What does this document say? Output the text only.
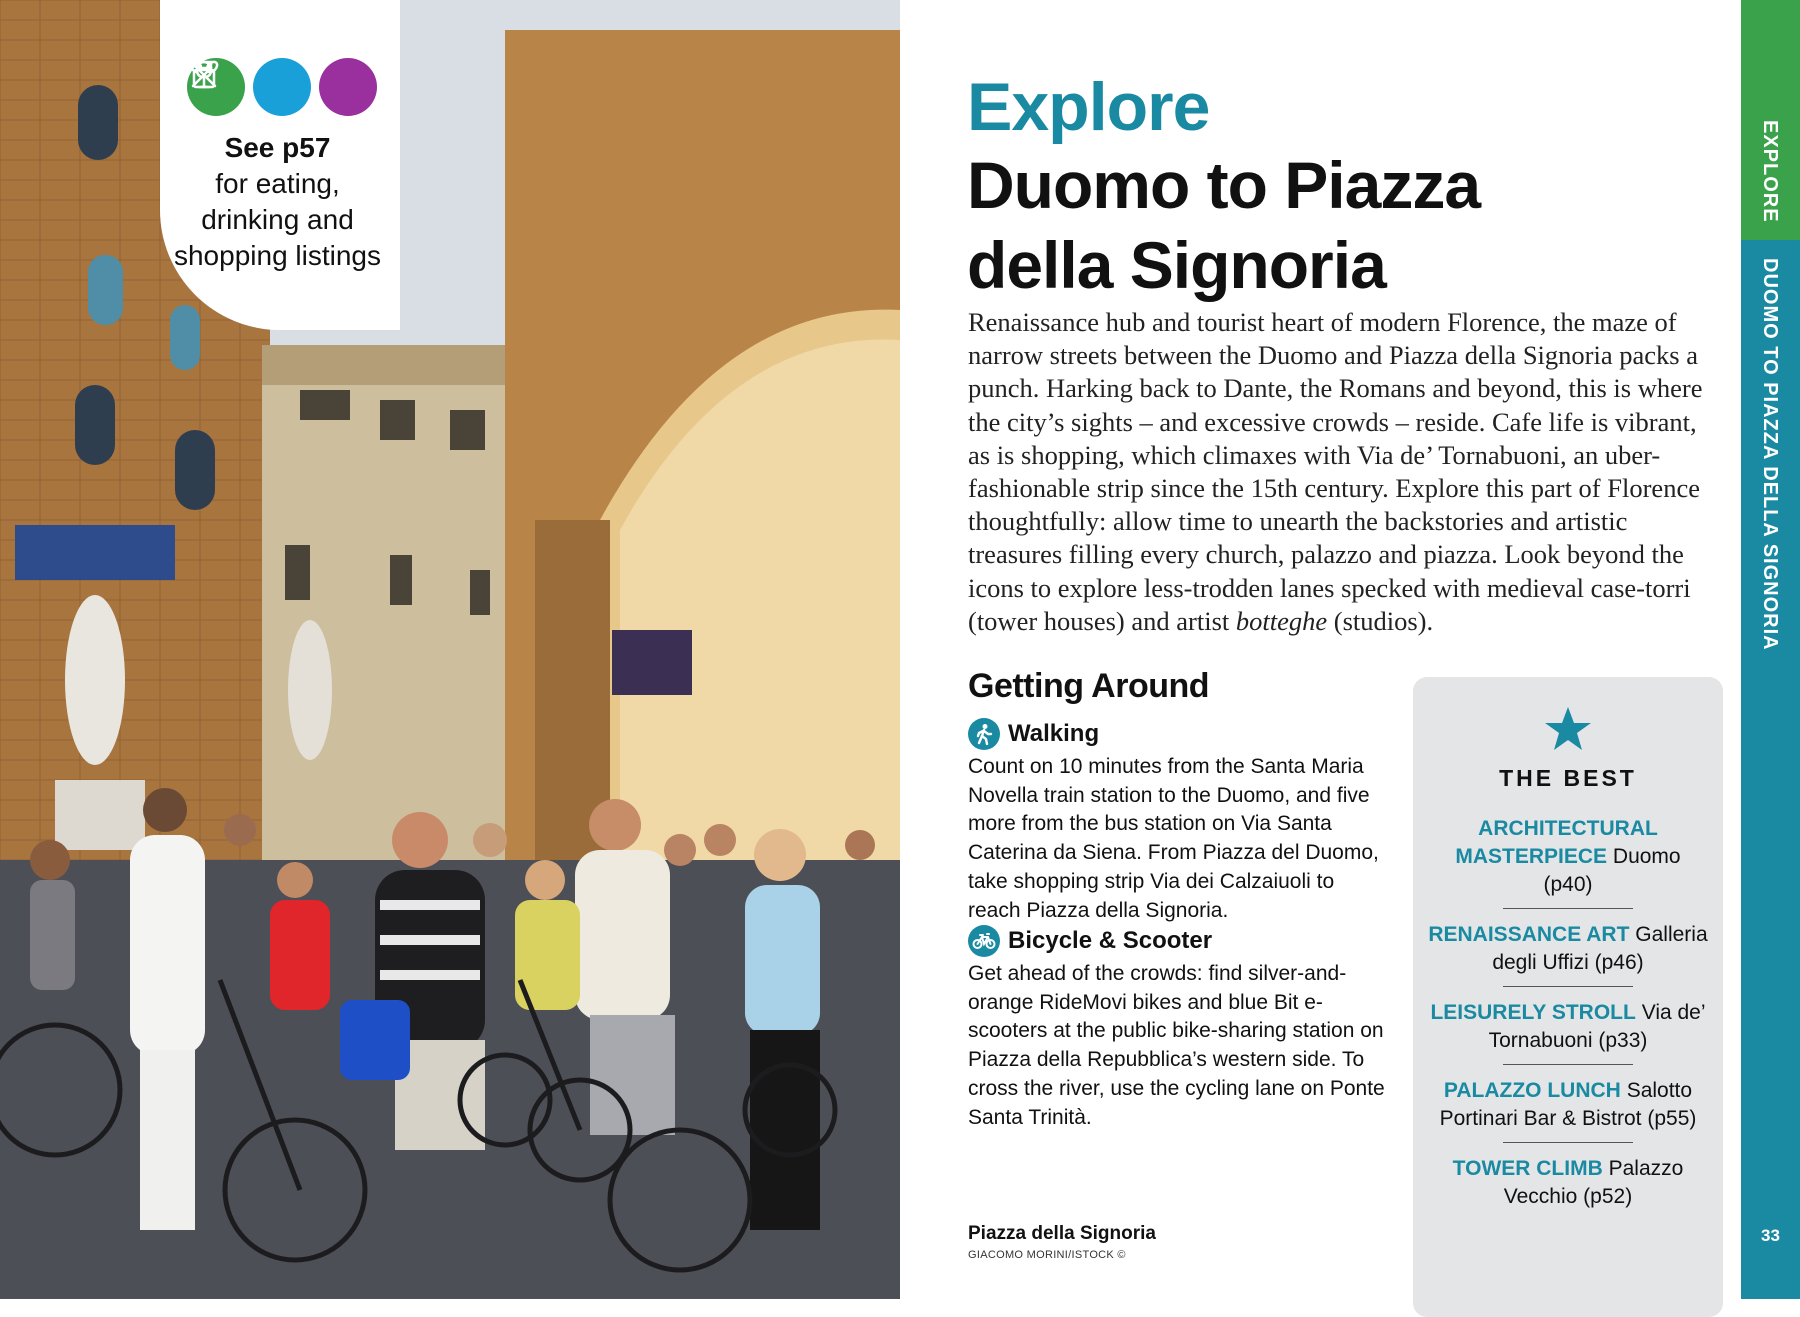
See p57
for eating, drinking and shopping listings
Explore
Duomo to Piazza della Signoria
Renaissance hub and tourist heart of modern Florence, the maze of narrow streets between the Duomo and Piazza della Signoria packs a punch. Harking back to Dante, the Romans and beyond, this is where the city’s sights – and excessive crowds – reside. Cafe life is vibrant, as is shopping, which climaxes with Via de’ Tornabuoni, an uber-fashionable strip since the 15th century. Explore this part of Florence thoughtfully: allow time to unearth the backstories and artistic treasures filling every church, palazzo and piazza. Look beyond the icons to explore less-trodden lanes specked with medieval case-torri (tower houses) and artist botteghe (studios).
Getting Around
Walking
Count on 10 minutes from the Santa Maria Novella train station to the Duomo, and five more from the bus station on Via Santa Caterina da Siena. From Piazza del Duomo, take shopping strip Via dei Calzaiuoli to reach Piazza della Signoria.
Bicycle & Scooter
Get ahead of the crowds: find silver-and-orange RideMovi bikes and blue Bit e-scooters at the public bike-sharing station on Piazza della Repubblica’s western side. To cross the river, use the cycling lane on Ponte Santa Trinità.
Piazza della Signoria
GIACOMO MORINI/ISTOCK ©
THE BEST
ARCHITECTURAL MASTERPIECE Duomo (p40)
RENAISSANCE ART Galleria degli Uffizi (p46)
LEISURELY STROLL Via de’ Tornabuoni (p33)
PALAZZO LUNCH Salotto Portinari Bar & Bistrot (p55)
TOWER CLIMB Palazzo Vecchio (p52)
EXPLORE
DUOMO TO PIAZZA DELLA SIGNORIA
33
